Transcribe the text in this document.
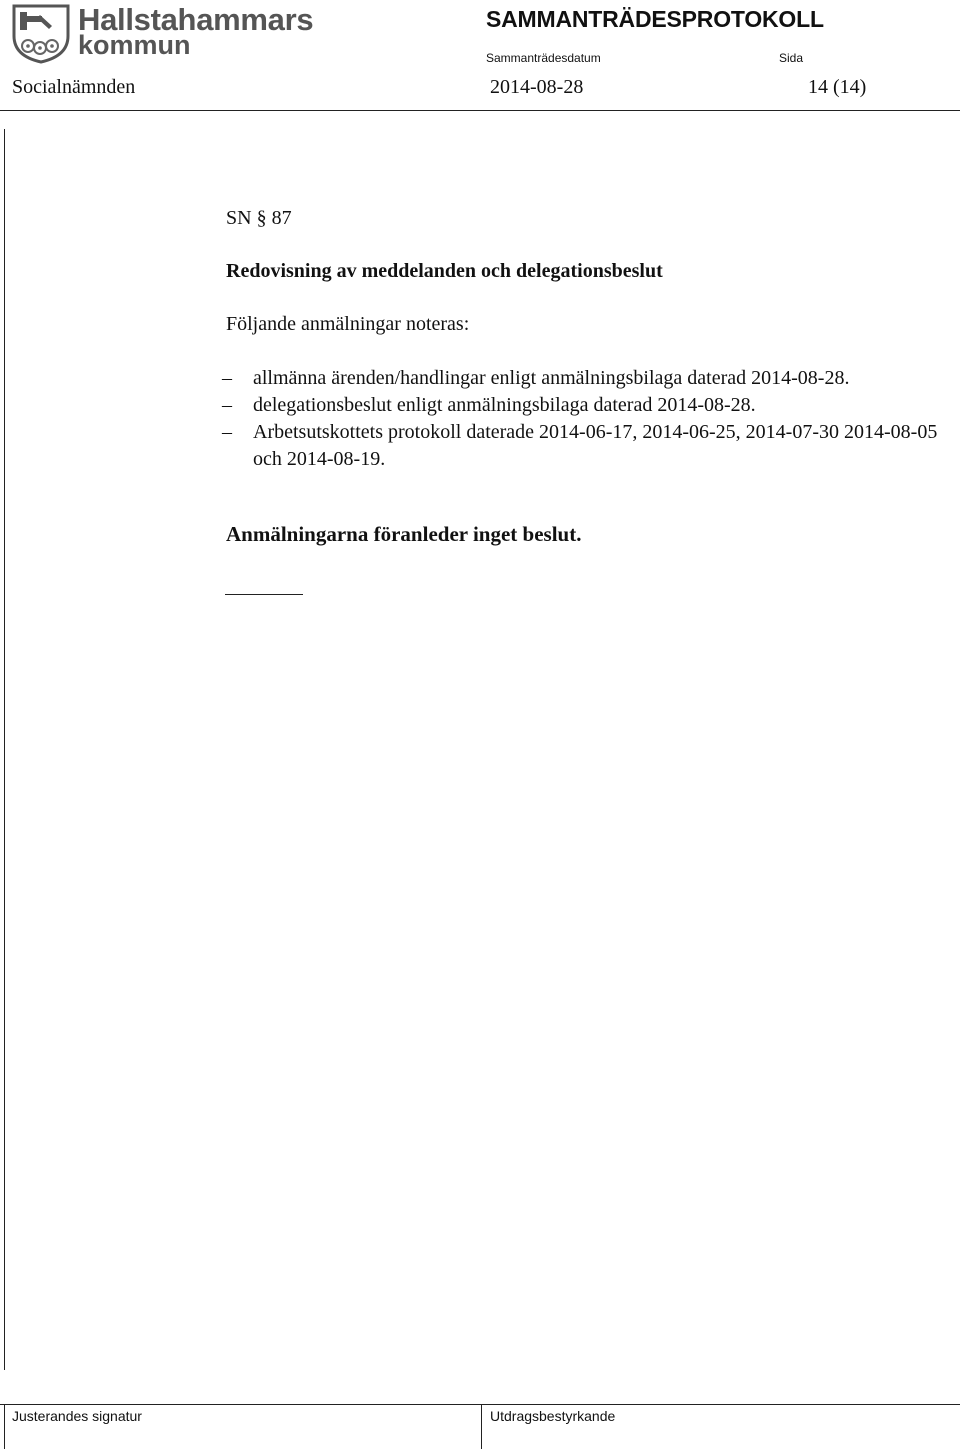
Hallstahammars
kommun
SAMMANTRÄDESPROTOKOLL
Sammanträdesdatum	Sida
Socialnämnden	2014-08-28	14 (14)
SN § 87
Redovisning av meddelanden och delegationsbeslut
Följande anmälningar noteras:
– allmänna ärenden/handlingar enligt anmälningsbilaga daterad 2014-08-28.
– delegationsbeslut enligt anmälningsbilaga daterad 2014-08-28.
– Arbetsutskottets protokoll daterade 2014-06-17, 2014-06-25, 2014-07-30 2014-08-05 och 2014-08-19.
Anmälningarna föranleder inget beslut.
Justerandes signatur	Utdragsbestyrkande
